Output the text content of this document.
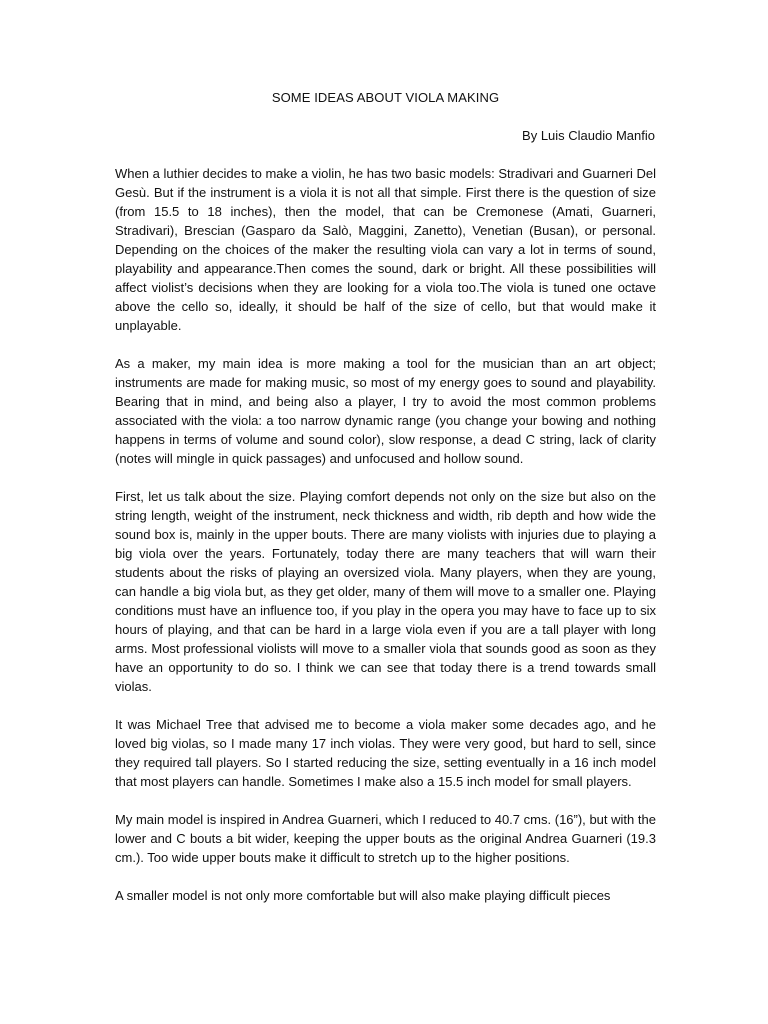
SOME IDEAS ABOUT VIOLA MAKING

By Luis Claudio Manfio

When a luthier decides to make a violin, he has two basic models: Stradivari and Guarneri Del Gesù. But if the instrument is a viola it is not all that simple. First there is the question of size (from 15.5 to 18 inches), then the model, that can be Cremonese (Amati, Guarneri, Stradivari), Brescian (Gasparo da Salò, Maggini, Zanetto), Venetian (Busan), or personal. Depending on the choices of the maker the resulting viola can vary a lot in terms of sound, playability and appearance.Then comes the sound, dark or bright. All these possibilities will affect violist’s decisions when they are looking for a viola too.The viola is tuned one octave above the cello so, ideally, it should be half of the size of cello, but that would make it unplayable.

As a maker, my main idea is more making a tool for the musician than an art object; instruments are made for making music, so most of my energy goes to sound and playability. Bearing that in mind, and being also a player, I try to avoid the most common problems associated with the viola: a too narrow dynamic range (you change your bowing and nothing happens in terms of volume and sound color), slow response, a dead C string, lack of clarity (notes will mingle in quick passages) and unfocused and hollow sound.

First, let us talk about the size. Playing comfort depends not only on the size but also on the string length, weight of the instrument, neck thickness and width, rib depth and how wide the sound box is, mainly in the upper bouts. There are many violists with injuries due to playing a big viola over the years. Fortunately, today there are many teachers that will warn their students about the risks of playing an oversized viola. Many players, when they are young, can handle a big viola but, as they get older, many of them will move to a smaller one. Playing conditions must have an influence too, if you play in the opera you may have to face up to six hours of playing, and that can be hard in a large viola even if you are a tall player with long arms. Most professional violists will move to a smaller viola that sounds good as soon as they have an opportunity to do so. I think we can see that today there is a trend towards small violas.

It was Michael Tree that advised me to become a viola maker some decades ago, and he loved big violas, so I made many 17 inch violas. They were very good, but hard to sell, since they required tall players. So I started reducing the size, setting eventually in a 16 inch model that most players can handle. Sometimes I make also a 15.5 inch model for small players.

My main model is inspired in Andrea Guarneri, which I reduced to 40.7 cms. (16”), but with the lower and C bouts a bit wider, keeping the upper bouts as the original Andrea Guarneri (19.3 cm.). Too wide upper bouts make it difficult to stretch up to the higher positions.

A smaller model is not only more comfortable but will also make playing difficult pieces
